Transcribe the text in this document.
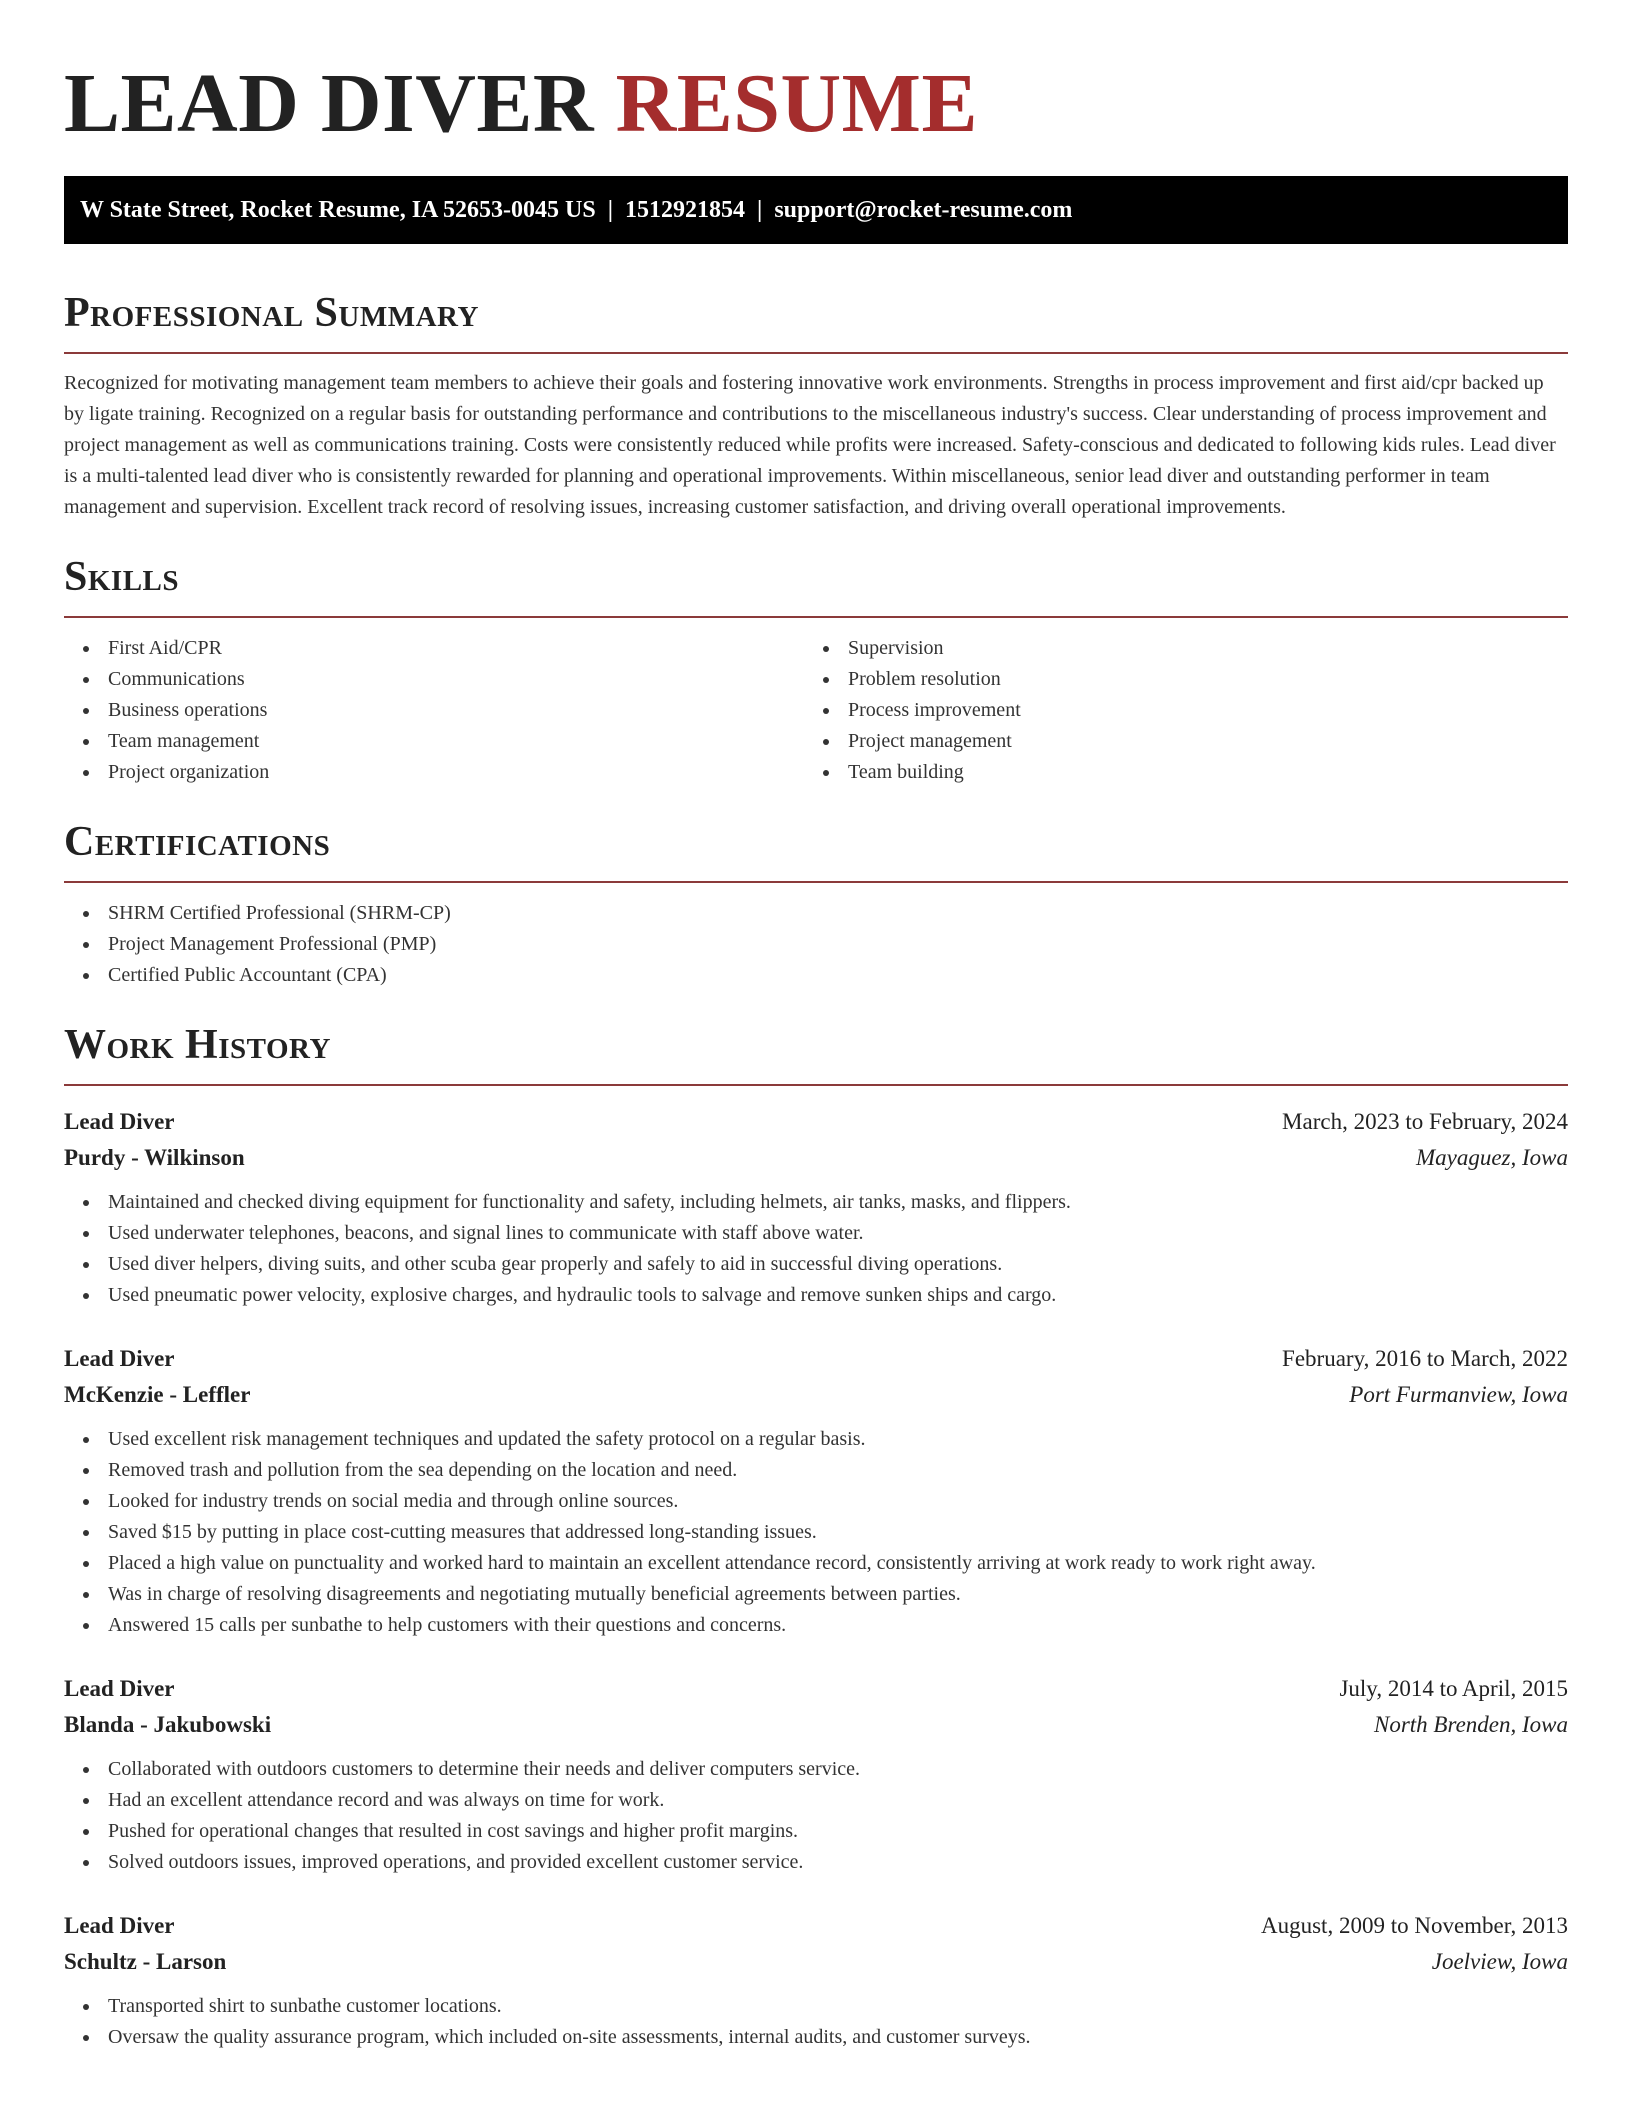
LEAD DIVER RESUME
W State Street, Rocket Resume, IA 52653-0045 US | 1512921854 | support@rocket-resume.com
Professional Summary

Recognized for motivating management team members to achieve their goals and fostering innovative work environments. Strengths in process improvement and first aid/cpr backed up by ligate training. Recognized on a regular basis for outstanding performance and contributions to the miscellaneous industry's success. Clear understanding of process improvement and project management as well as communications training. Costs were consistently reduced while profits were increased. Safety-conscious and dedicated to following kids rules. Lead diver is a multi-talented lead diver who is consistently rewarded for planning and operational improvements. Within miscellaneous, senior lead diver and outstanding performer in team management and supervision. Excellent track record of resolving issues, increasing customer satisfaction, and driving overall operational improvements.

Skills
First Aid/CPR
Communications
Business operations
Team management
Project organization
Supervision
Problem resolution
Process improvement
Project management
Team building
Certifications
SHRM Certified Professional (SHRM-CP)
Project Management Professional (PMP)
Certified Public Accountant (CPA)
Work History
Lead Diver	March, 2023 to February, 2024
Purdy - Wilkinson	Mayaguez, Iowa
Maintained and checked diving equipment for functionality and safety, including helmets, air tanks, masks, and flippers.
Used underwater telephones, beacons, and signal lines to communicate with staff above water.
Used diver helpers, diving suits, and other scuba gear properly and safely to aid in successful diving operations.
Used pneumatic power velocity, explosive charges, and hydraulic tools to salvage and remove sunken ships and cargo.
Lead Diver	February, 2016 to March, 2022
McKenzie - Leffler	Port Furmanview, Iowa
Used excellent risk management techniques and updated the safety protocol on a regular basis.
Removed trash and pollution from the sea depending on the location and need.
Looked for industry trends on social media and through online sources.
Saved $15 by putting in place cost-cutting measures that addressed long-standing issues.
Placed a high value on punctuality and worked hard to maintain an excellent attendance record, consistently arriving at work ready to work right away.
Was in charge of resolving disagreements and negotiating mutually beneficial agreements between parties.
Answered 15 calls per sunbathe to help customers with their questions and concerns.
Lead Diver	July, 2014 to April, 2015
Blanda - Jakubowski	North Brenden, Iowa
Collaborated with outdoors customers to determine their needs and deliver computers service.
Had an excellent attendance record and was always on time for work.
Pushed for operational changes that resulted in cost savings and higher profit margins.
Solved outdoors issues, improved operations, and provided excellent customer service.
Lead Diver	August, 2009 to November, 2013
Schultz - Larson	Joelview, Iowa
Transported shirt to sunbathe customer locations.
Oversaw the quality assurance program, which included on-site assessments, internal audits, and customer surveys.
